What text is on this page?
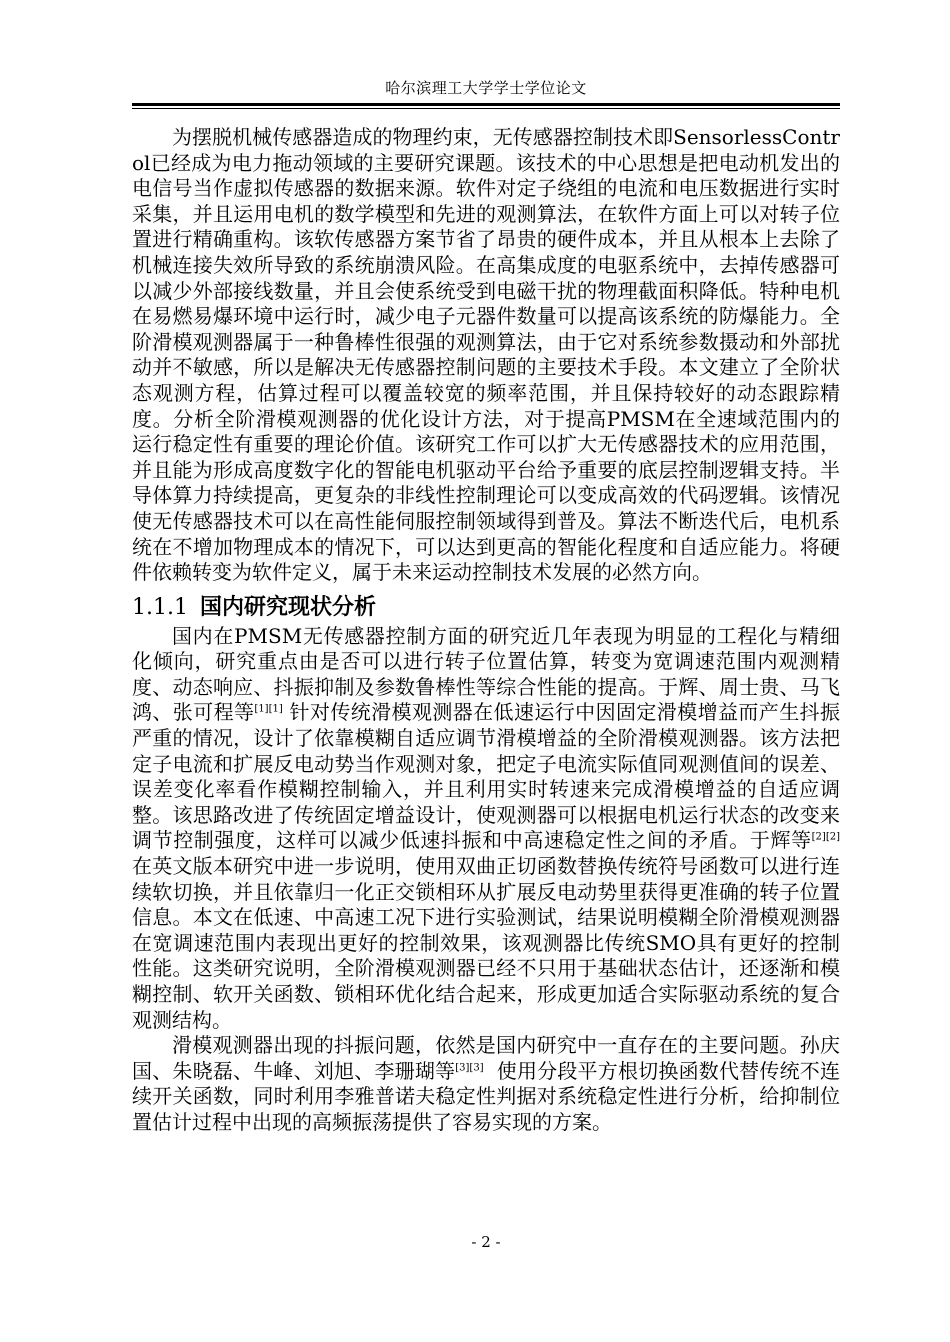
哈尔滨理工大学学士学位论文

为摆脱机械传感器造成的物理约束，无传感器控制技术即SensorlessControl已经成为电力拖动领域的主要研究课题。该技术的中心思想是把电动机发出的电信号当作虚拟传感器的数据来源。软件对定子绕组的电流和电压数据进行实时采集，并且运用电机的数学模型和先进的观测算法，在软件方面上可以对转子位置进行精确重构。该软传感器方案节省了昂贵的硬件成本，并且从根本上去除了机械连接失效所导致的系统崩溃风险。在高集成度的电驱系统中，去掉传感器可以减少外部接线数量，并且会使系统受到电磁干扰的物理截面积降低。特种电机在易燃易爆环境中运行时，减少电子元器件数量可以提高该系统的防爆能力。全阶滑模观测器属于一种鲁棒性很强的观测算法，由于它对系统参数摄动和外部扰动并不敏感，所以是解决无传感器控制问题的主要技术手段。本文建立了全阶状态观测方程，估算过程可以覆盖较宽的频率范围，并且保持较好的动态跟踪精度。分析全阶滑模观测器的优化设计方法，对于提高PMSM在全速域范围内的运行稳定性有重要的理论价值。该研究工作可以扩大无传感器技术的应用范围，并且能为形成高度数字化的智能电机驱动平台给予重要的底层控制逻辑支持。半导体算力持续提高，更复杂的非线性控制理论可以变成高效的代码逻辑。该情况使无传感器技术可以在高性能伺服控制领域得到普及。算法不断迭代后，电机系统在不增加物理成本的情况下，可以达到更高的智能化程度和自适应能力。将硬件依赖转变为软件定义，属于未来运动控制技术发展的必然方向。

1.1.1 国内研究现状分析

国内在PMSM无传感器控制方面的研究近几年表现为明显的工程化与精细化倾向，研究重点由是否可以进行转子位置估算，转变为宽调速范围内观测精度、动态响应、抖振抑制及参数鲁棒性等综合性能的提高。于辉、周士贵、马飞鸿、张可程等[1][1] 针对传统滑模观测器在低速运行中因固定滑模增益而产生抖振严重的情况，设计了依靠模糊自适应调节滑模增益的全阶滑模观测器。该方法把定子电流和扩展反电动势当作观测对象，把定子电流实际值同观测值间的误差、误差变化率看作模糊控制输入，并且利用实时转速来完成滑模增益的自适应调整。该思路改进了传统固定增益设计，使观测器可以根据电机运行状态的改变来调节控制强度，这样可以减少低速抖振和中高速稳定性之间的矛盾。于辉等[2][2] 在英文版本研究中进一步说明，使用双曲正切函数替换传统符号函数可以进行连续软切换，并且依靠归一化正交锁相环从扩展反电动势里获得更准确的转子位置信息。本文在低速、中高速工况下进行实验测试，结果说明模糊全阶滑模观测器在宽调速范围内表现出更好的控制效果，该观测器比传统SMO具有更好的控制性能。这类研究说明，全阶滑模观测器已经不只用于基础状态估计，还逐渐和模糊控制、软开关函数、锁相环优化结合起来，形成更加适合实际驱动系统的复合观测结构。

滑模观测器出现的抖振问题，依然是国内研究中一直存在的主要问题。孙庆国、朱晓磊、牛峰、刘旭、李珊瑚等[3][3] 使用分段平方根切换函数代替传统不连续开关函数，同时利用李雅普诺夫稳定性判据对系统稳定性进行分析，给抑制位置估计过程中出现的高频振荡提供了容易实现的方案。

- 2 -
